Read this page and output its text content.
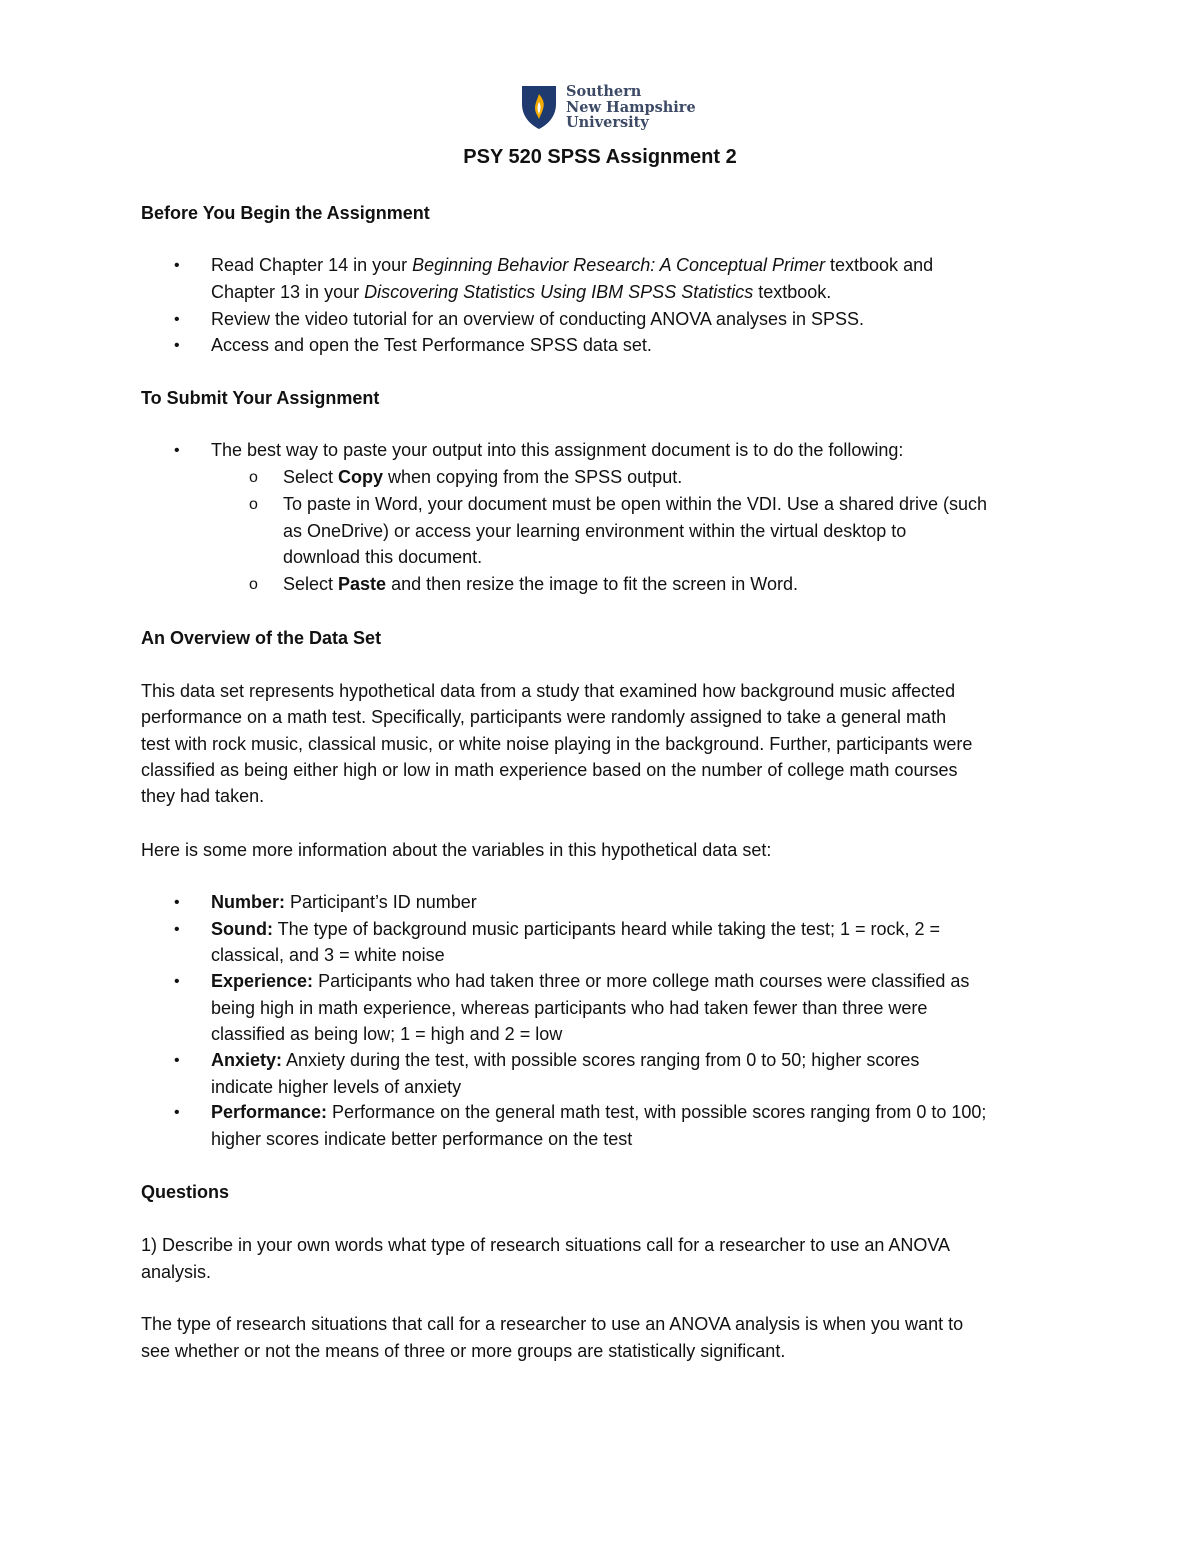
Southern
New Hampshire
University
PSY 520 SPSS Assignment 2
Before You Begin the Assignment
• Read Chapter 14 in your Beginning Behavior Research: A Conceptual Primer textbook and
Chapter 13 in your Discovering Statistics Using IBM SPSS Statistics textbook.
• Review the video tutorial for an overview of conducting ANOVA analyses in SPSS.
• Access and open the Test Performance SPSS data set.
To Submit Your Assignment
• The best way to paste your output into this assignment document is to do the following:
o Select Copy when copying from the SPSS output.
o To paste in Word, your document must be open within the VDI. Use a shared drive (such
as OneDrive) or access your learning environment within the virtual desktop to
download this document.
o Select Paste and then resize the image to fit the screen in Word.
An Overview of the Data Set
This data set represents hypothetical data from a study that examined how background music affected
performance on a math test. Specifically, participants were randomly assigned to take a general math
test with rock music, classical music, or white noise playing in the background. Further, participants were
classified as being either high or low in math experience based on the number of college math courses
they had taken.
Here is some more information about the variables in this hypothetical data set:
• Number: Participant’s ID number
• Sound: The type of background music participants heard while taking the test; 1 = rock, 2 =
classical, and 3 = white noise
• Experience: Participants who had taken three or more college math courses were classified as
being high in math experience, whereas participants who had taken fewer than three were
classified as being low; 1 = high and 2 = low
• Anxiety: Anxiety during the test, with possible scores ranging from 0 to 50; higher scores
indicate higher levels of anxiety
• Performance: Performance on the general math test, with possible scores ranging from 0 to 100;
higher scores indicate better performance on the test
Questions
1) Describe in your own words what type of research situations call for a researcher to use an ANOVA
analysis.
The type of research situations that call for a researcher to use an ANOVA analysis is when you want to
see whether or not the means of three or more groups are statistically significant.
